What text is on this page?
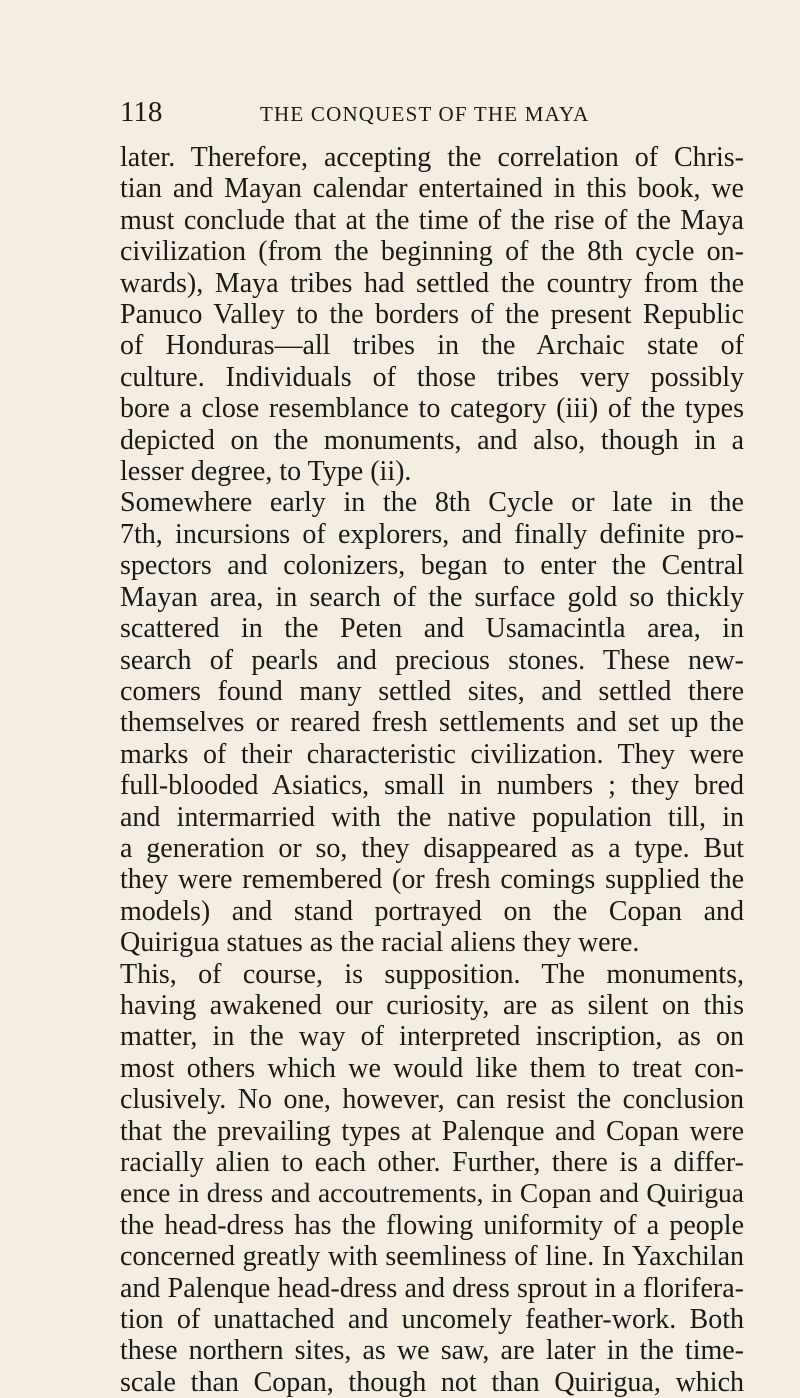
118	THE CONQUEST OF THE MAYA
later. Therefore, accepting the correlation of Chris-
tian and Mayan calendar entertained in this book, we
must conclude that at the time of the rise of the Maya
civilization (from the beginning of the 8th cycle on-
wards), Maya tribes had settled the country from the
Panuco Valley to the borders of the present Republic
of Honduras—all tribes in the Archaic state of
culture. Individuals of those tribes very possibly
bore a close resemblance to category (iii) of the types
depicted on the monuments, and also, though in a
lesser degree, to Type (ii).
Somewhere early in the 8th Cycle or late in the
7th, incursions of explorers, and finally definite pro-
spectors and colonizers, began to enter the Central
Mayan area, in search of the surface gold so thickly
scattered in the Peten and Usamacintla area, in
search of pearls and precious stones. These new-
comers found many settled sites, and settled there
themselves or reared fresh settlements and set up the
marks of their characteristic civilization. They were
full-blooded Asiatics, small in numbers ; they bred
and intermarried with the native population till, in
a generation or so, they disappeared as a type. But
they were remembered (or fresh comings supplied the
models) and stand portrayed on the Copan and
Quirigua statues as the racial aliens they were.
This, of course, is supposition. The monuments,
having awakened our curiosity, are as silent on this
matter, in the way of interpreted inscription, as on
most others which we would like them to treat con-
clusively. No one, however, can resist the conclusion
that the prevailing types at Palenque and Copan were
racially alien to each other. Further, there is a differ-
ence in dress and accoutrements, in Copan and Quirigua
the head-dress has the flowing uniformity of a people
concerned greatly with seemliness of line. In Yaxchilan
and Palenque head-dress and dress sprout in a florifera-
tion of unattached and uncomely feather-work. Both
these northern sites, as we saw, are later in the time-
scale than Copan, though not than Quirigua, which
